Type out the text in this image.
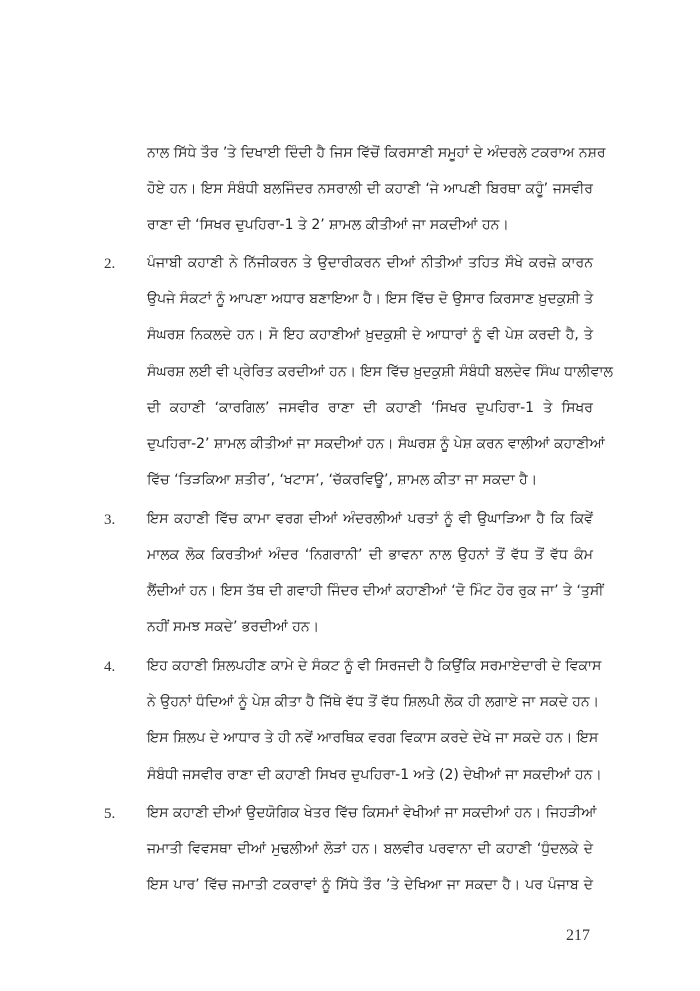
ਨਾਲ ਸਿੱਧੇ ਤੌਰ ’ਤੇ ਦਿਖਾਈ ਦਿੰਦੀ ਹੈ ਜਿਸ ਵਿੱਚੋਂ ਕਿਰਸਾਣੀ ਸਮੂਹਾਂ ਦੇ ਅੰਦਰਲੇ ਟਕਰਾਅ ਨਸ਼ਰ
ਹੋਏ ਹਨ। ਇਸ ਸੰਬੰਧੀ ਬਲਜਿੰਦਰ ਨਸਰਾਲੀ ਦੀ ਕਹਾਣੀ ‘ਜੇ ਆਪਣੀ ਬਿਰਥਾ ਕਹੂੰ’ ਜਸਵੀਰ
ਰਾਣਾ ਦੀ ‘ਸਿਖਰ ਦੁਪਹਿਰਾ-1 ਤੇ 2’ ਸ਼ਾਮਲ ਕੀਤੀਆਂ ਜਾ ਸਕਦੀਆਂ ਹਨ।
2. ਪੰਜਾਬੀ ਕਹਾਣੀ ਨੇ ਨਿੱਜੀਕਰਨ ਤੇ ਉਦਾਰੀਕਰਨ ਦੀਆਂ ਨੀਤੀਆਂ ਤਹਿਤ ਸੌਖੇ ਕਰਜ਼ੇ ਕਾਰਨ
ਉਪਜੇ ਸੰਕਟਾਂ ਨੂੰ ਆਪਣਾ ਅਧਾਰ ਬਣਾਇਆ ਹੈ। ਇਸ ਵਿੱਚ ਦੋ ਉਸਾਰ ਕਿਰਸਾਣ ਖ਼ੁਦਕੁਸ਼ੀ ਤੇ
ਸੰਘਰਸ਼ ਨਿਕਲਦੇ ਹਨ। ਸੋ ਇਹ ਕਹਾਣੀਆਂ ਖ਼ੁਦਕੁਸ਼ੀ ਦੇ ਆਧਾਰਾਂ ਨੂੰ ਵੀ ਪੇਸ਼ ਕਰਦੀ ਹੈ, ਤੇ
ਸੰਘਰਸ਼ ਲਈ ਵੀ ਪ੍ਰੇਰਿਤ ਕਰਦੀਆਂ ਹਨ। ਇਸ ਵਿੱਚ ਖ਼ੁਦਕੁਸ਼ੀ ਸੰਬੰਧੀ ਬਲਦੇਵ ਸਿੰਘ ਧਾਲੀਵਾਲ
ਦੀ ਕਹਾਣੀ ‘ਕਾਰਗਿਲ’ ਜਸਵੀਰ ਰਾਣਾ ਦੀ ਕਹਾਣੀ ‘ਸਿਖਰ ਦੁਪਹਿਰਾ-1 ਤੇ ਸਿਖਰ
ਦੁਪਹਿਰਾ-2’ ਸ਼ਾਮਲ ਕੀਤੀਆਂ ਜਾ ਸਕਦੀਆਂ ਹਨ। ਸੰਘਰਸ਼ ਨੂੰ ਪੇਸ਼ ਕਰਨ ਵਾਲੀਆਂ ਕਹਾਣੀਆਂ
ਵਿੱਚ ‘ਤਿੜਕਿਆ ਸ਼ਤੀਰ’, ‘ਖਟਾਸ’, ‘ਚੱਕਰਵਿਊ’, ਸ਼ਾਮਲ ਕੀਤਾ ਜਾ ਸਕਦਾ ਹੈ।
3. ਇਸ ਕਹਾਣੀ ਵਿੱਚ ਕਾਮਾ ਵਰਗ ਦੀਆਂ ਅੰਦਰਲੀਆਂ ਪਰਤਾਂ ਨੂੰ ਵੀ ਉਘਾੜਿਆ ਹੈ ਕਿ ਕਿਵੇਂ
ਮਾਲਕ ਲੋਕ ਕਿਰਤੀਆਂ ਅੰਦਰ ‘ਨਿਗਰਾਨੀ’ ਦੀ ਭਾਵਨਾ ਨਾਲ ਉਹਨਾਂ ਤੋਂ ਵੱਧ ਤੋਂ ਵੱਧ ਕੰਮ
ਲੈਂਦੀਆਂ ਹਨ। ਇਸ ਤੱਥ ਦੀ ਗਵਾਹੀ ਜਿੰਦਰ ਦੀਆਂ ਕਹਾਣੀਆਂ ‘ਦੋ ਮਿੰਟ ਹੋਰ ਰੁਕ ਜਾ’ ਤੇ ‘ਤੁਸੀਂ
ਨਹੀਂ ਸਮਝ ਸਕਦੇ’ ਭਰਦੀਆਂ ਹਨ।
4. ਇਹ ਕਹਾਣੀ ਸ਼ਿਲਪਹੀਣ ਕਾਮੇ ਦੇ ਸੰਕਟ ਨੂੰ ਵੀ ਸਿਰਜਦੀ ਹੈ ਕਿਉਂਕਿ ਸਰਮਾਏਦਾਰੀ ਦੇ ਵਿਕਾਸ
ਨੇ ਉਹਨਾਂ ਧੰਦਿਆਂ ਨੂੰ ਪੇਸ਼ ਕੀਤਾ ਹੈ ਜਿੱਥੇ ਵੱਧ ਤੋਂ ਵੱਧ ਸ਼ਿਲਪੀ ਲੋਕ ਹੀ ਲਗਾਏ ਜਾ ਸਕਦੇ ਹਨ।
ਇਸ ਸ਼ਿਲਪ ਦੇ ਆਧਾਰ ਤੇ ਹੀ ਨਵੇਂ ਆਰਥਿਕ ਵਰਗ ਵਿਕਾਸ ਕਰਦੇ ਦੇਖੇ ਜਾ ਸਕਦੇ ਹਨ। ਇਸ
ਸੰਬੰਧੀ ਜਸਵੀਰ ਰਾਣਾ ਦੀ ਕਹਾਣੀ ਸਿਖਰ ਦੁਪਹਿਰਾ-1 ਅਤੇ (2) ਦੇਖੀਆਂ ਜਾ ਸਕਦੀਆਂ ਹਨ।
5. ਇਸ ਕਹਾਣੀ ਦੀਆਂ ਉਦਯੋਗਿਕ ਖੇਤਰ ਵਿੱਚ ਕਿਸਮਾਂ ਵੇਖੀਆਂ ਜਾ ਸਕਦੀਆਂ ਹਨ। ਜਿਹੜੀਆਂ
ਜਮਾਤੀ ਵਿਵਸਥਾ ਦੀਆਂ ਮੁਢਲੀਆਂ ਲੋੜਾਂ ਹਨ। ਬਲਵੀਰ ਪਰਵਾਨਾ ਦੀ ਕਹਾਣੀ ‘ਧੁੰਦਲਕੇ ਦੇ
ਇਸ ਪਾਰ’ ਵਿੱਚ ਜਮਾਤੀ ਟਕਰਾਵਾਂ ਨੂੰ ਸਿੱਧੇ ਤੌਰ ’ਤੇ ਦੇਖਿਆ ਜਾ ਸਕਦਾ ਹੈ। ਪਰ ਪੰਜਾਬ ਦੇ
217
